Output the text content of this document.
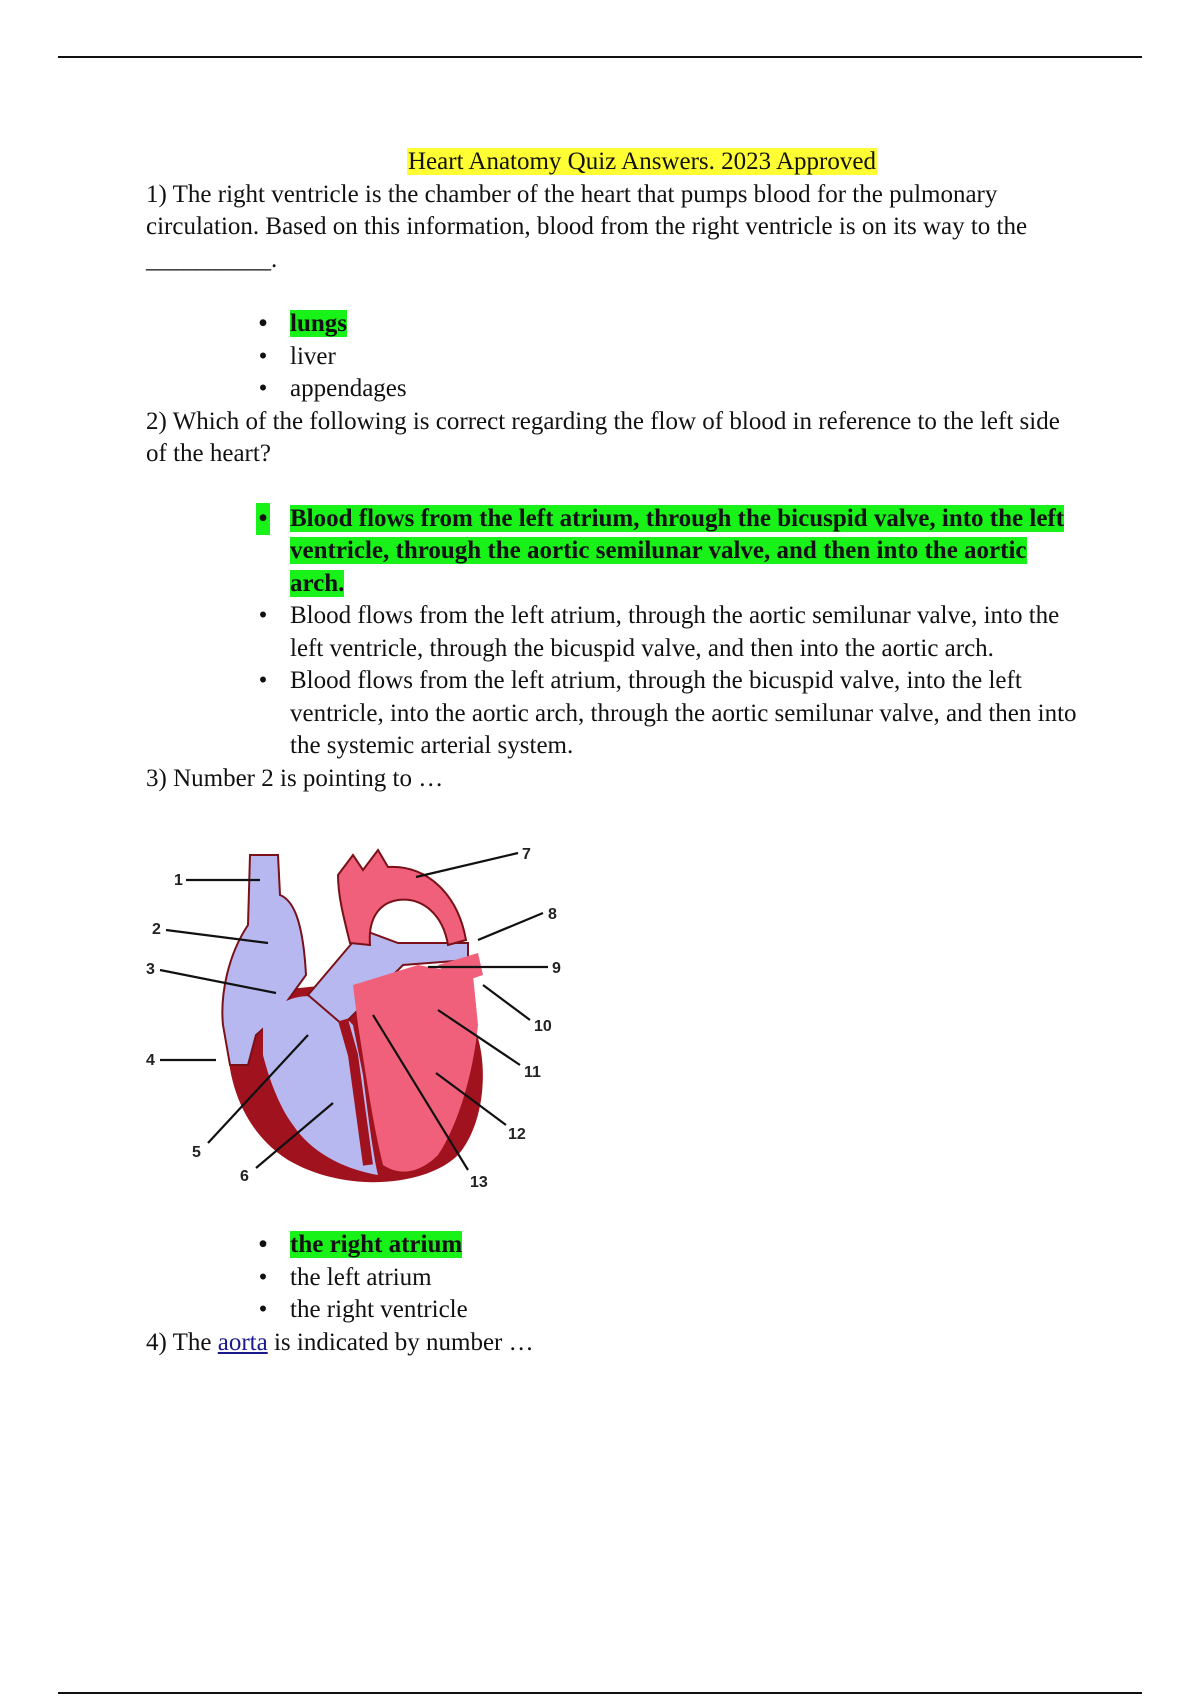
Heart Anatomy Quiz Answers. 2023 Approved

1) The right ventricle is the chamber of the heart that pumps blood for the pulmonary circulation. Based on this information, blood from the right ventricle is on its way to the __________.

• lungs
• liver
• appendages

2) Which of the following is correct regarding the flow of blood in reference to the left side of the heart?

• Blood flows from the left atrium, through the bicuspid valve, into the left ventricle, through the aortic semilunar valve, and then into the aortic arch.
• Blood flows from the left atrium, through the aortic semilunar valve, into the left ventricle, through the bicuspid valve, and then into the aortic arch.
• Blood flows from the left atrium, through the bicuspid valve, into the left ventricle, into the aortic arch, through the aortic semilunar valve, and then into the systemic arterial system.

3) Number 2 is pointing to …

1
2
3
4
5
6
7
8
9
10
11
12
13
• the right atrium
• the left atrium
• the right ventricle

4) The aorta is indicated by number …
